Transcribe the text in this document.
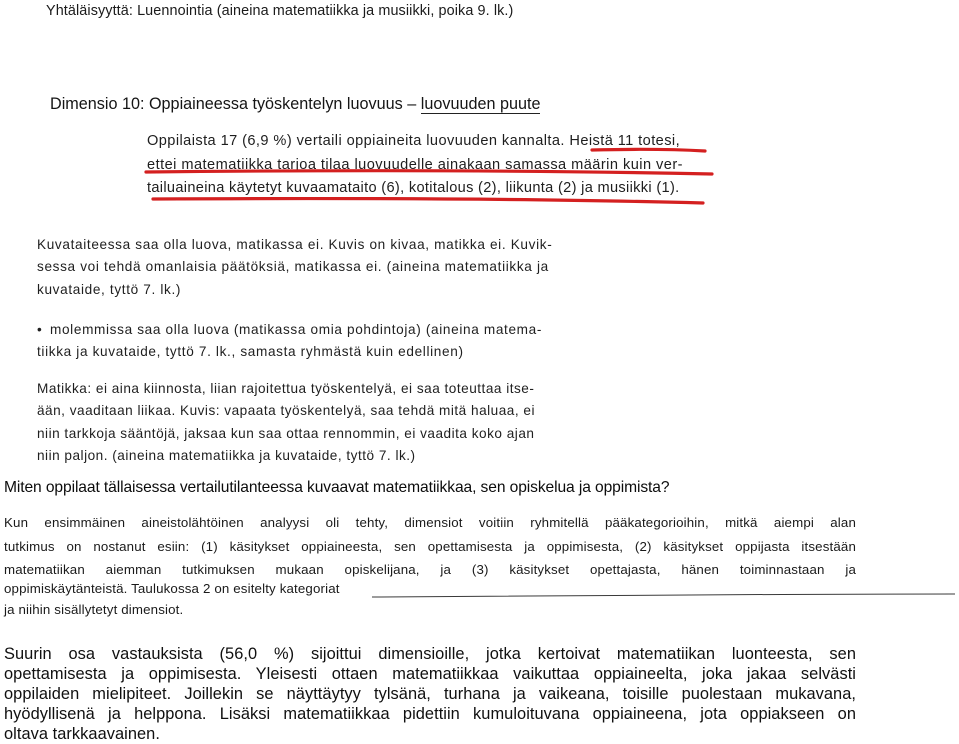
Yhtäläisyyttä: Luennointia (aineina matematiikka ja musiikki, poika 9. lk.)

Dimensio 10: Oppiaineessa työskentelyn luovuus – luovuuden puute

Oppilaista 17 (6,9 %) vertaili oppiaineita luovuuden kannalta. Heistä 11 totesi,

ettei matematiikka tarjoa tilaa luovuudelle ainakaan samassa määrin kuin ver-

tailuaineina käytetyt kuvaamataito (6), kotitalous (2), liikunta (2) ja musiikki (1).

Kuvataiteessa saa olla luova, matikassa ei. Kuvis on kivaa, matikka ei. Kuvik-

sessa voi tehdä omanlaisia päätöksiä, matikassa ei. (aineina matematiikka ja

kuvataide, tyttö 7. lk.)

• molemmissa saa olla luova (matikassa omia pohdintoja) (aineina matema-

tiikka ja kuvataide, tyttö 7. lk., samasta ryhmästä kuin edellinen)

Matikka: ei aina kiinnosta, liian rajoitettua työskentelyä, ei saa toteuttaa itse-

ään, vaaditaan liikaa. Kuvis: vapaata työskentelyä, saa tehdä mitä haluaa, ei

niin tarkkoja sääntöjä, jaksaa kun saa ottaa rennommin, ei vaadita koko ajan

niin paljon. (aineina matematiikka ja kuvataide, tyttö 7. lk.)

Miten oppilaat tällaisessa vertailutilanteessa kuvaavat matematiikkaa, sen opiskelua ja oppimista?

Kun ensimmäinen aineistolähtöinen analyysi oli tehty, dimensiot voitiin ryhmitellä pääkategorioihin, mitkä aiempi alan
tutkimus on nostanut esiin: (1) käsitykset oppiaineesta, sen opettamisesta ja oppimisesta, (2) käsitykset oppijasta itsestään
matematiikan aiemman tutkimuksen mukaan opiskelijana, ja (3) käsitykset opettajasta, hänen toiminnastaan ja

oppimiskäytänteistä. Taulukossa 2 on esitelty kategoriat

ja niihin sisällytetyt dimensiot.

Suurin osa vastauksista (56,0 %) sijoittui dimensioille, jotka kertoivat matematiikan luonteesta, sen
opettamisesta ja oppimisesta. Yleisesti ottaen matematiikkaa vaikuttaa oppiaineelta, joka jakaa selvästi
oppilaiden mielipiteet. Joillekin se näyttäytyy tylsänä, turhana ja vaikeana, toisille puolestaan mukavana,
hyödyllisenä ja helppona. Lisäksi matematiikkaa pidettiin kumuloituvana oppiaineena, jota oppiakseen on

oltava tarkkaavainen.
